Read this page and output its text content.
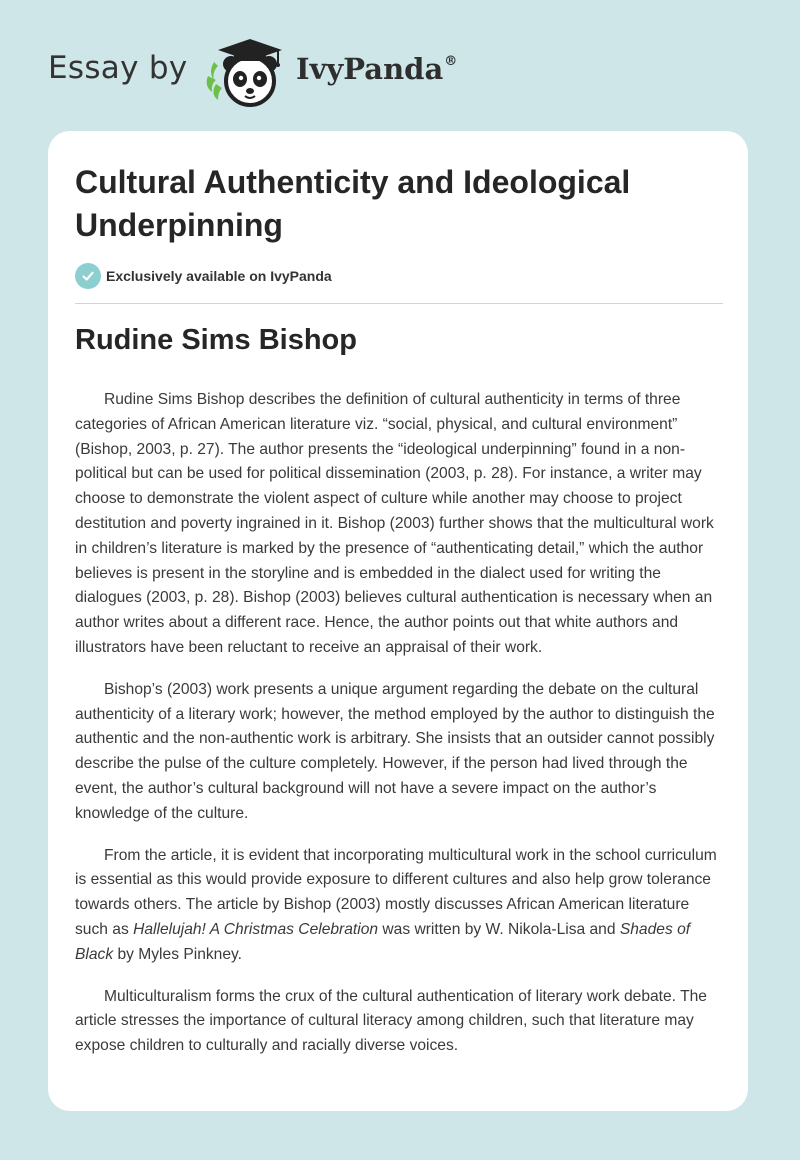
Essay by	IvyPanda®
Cultural Authenticity and Ideological Underpinning
Exclusively available on IvyPanda
Rudine Sims Bishop

Rudine Sims Bishop describes the definition of cultural authenticity in terms of three categories of African American literature viz. “social, physical, and cultural environment” (Bishop, 2003, p. 27). The author presents the “ideological underpinning” found in a non-political but can be used for political dissemination (2003, p. 28). For instance, a writer may choose to demonstrate the violent aspect of culture while another may choose to project destitution and poverty ingrained in it. Bishop (2003) further shows that the multicultural work in children’s literature is marked by the presence of “authenticating detail,” which the author believes is present in the storyline and is embedded in the dialect used for writing the dialogues (2003, p. 28). Bishop (2003) believes cultural authentication is necessary when an author writes about a different race. Hence, the author points out that white authors and illustrators have been reluctant to receive an appraisal of their work.

Bishop’s (2003) work presents a unique argument regarding the debate on the cultural authenticity of a literary work; however, the method employed by the author to distinguish the authentic and the non-authentic work is arbitrary. She insists that an outsider cannot possibly describe the pulse of the culture completely. However, if the person had lived through the event, the author’s cultural background will not have a severe impact on the author’s knowledge of the culture.

From the article, it is evident that incorporating multicultural work in the school curriculum is essential as this would provide exposure to different cultures and also help grow tolerance towards others. The article by Bishop (2003) mostly discusses African American literature such as Hallelujah! A Christmas Celebration was written by W. Nikola-Lisa and Shades of Black by Myles Pinkney.

Multiculturalism forms the crux of the cultural authentication of literary work debate. The article stresses the importance of cultural literacy among children, such that literature may expose children to culturally and racially diverse voices.
